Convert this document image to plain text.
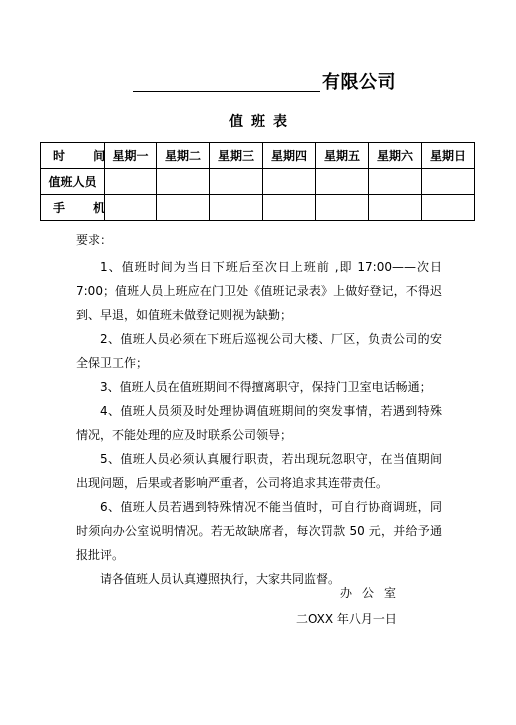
有限公司
值班表
时 间	星期一	星期二	星期三	星期四	星期五	星期六	星期日
值班人员							
手 机							
要求：

1、值班时间为当日下班后至次日上班前 ,即 17:00——次日 7:00；值班人员上班应在门卫处《值班记录表》上做好登记，不得迟到、早退，如值班未做登记则视为缺勤；

2、值班人员必须在下班后巡视公司大楼、厂区，负责公司的安全保卫工作；

3、值班人员在值班期间不得擅离职守，保持门卫室电话畅通；

4、值班人员须及时处理协调值班期间的突发事情，若遇到特殊情况，不能处理的应及时联系公司领导；

5、值班人员必须认真履行职责，若出现玩忽职守，在当值期间出现问题，后果或者影响严重者，公司将追求其连带责任。

6、值班人员若遇到特殊情况不能当值时，可自行协商调班，同时须向办公室说明情况。若无故缺席者，每次罚款 50 元，并给予通报批评。

请各值班人员认真遵照执行，大家共同监督。

办公室
二OXX 年八月一日
